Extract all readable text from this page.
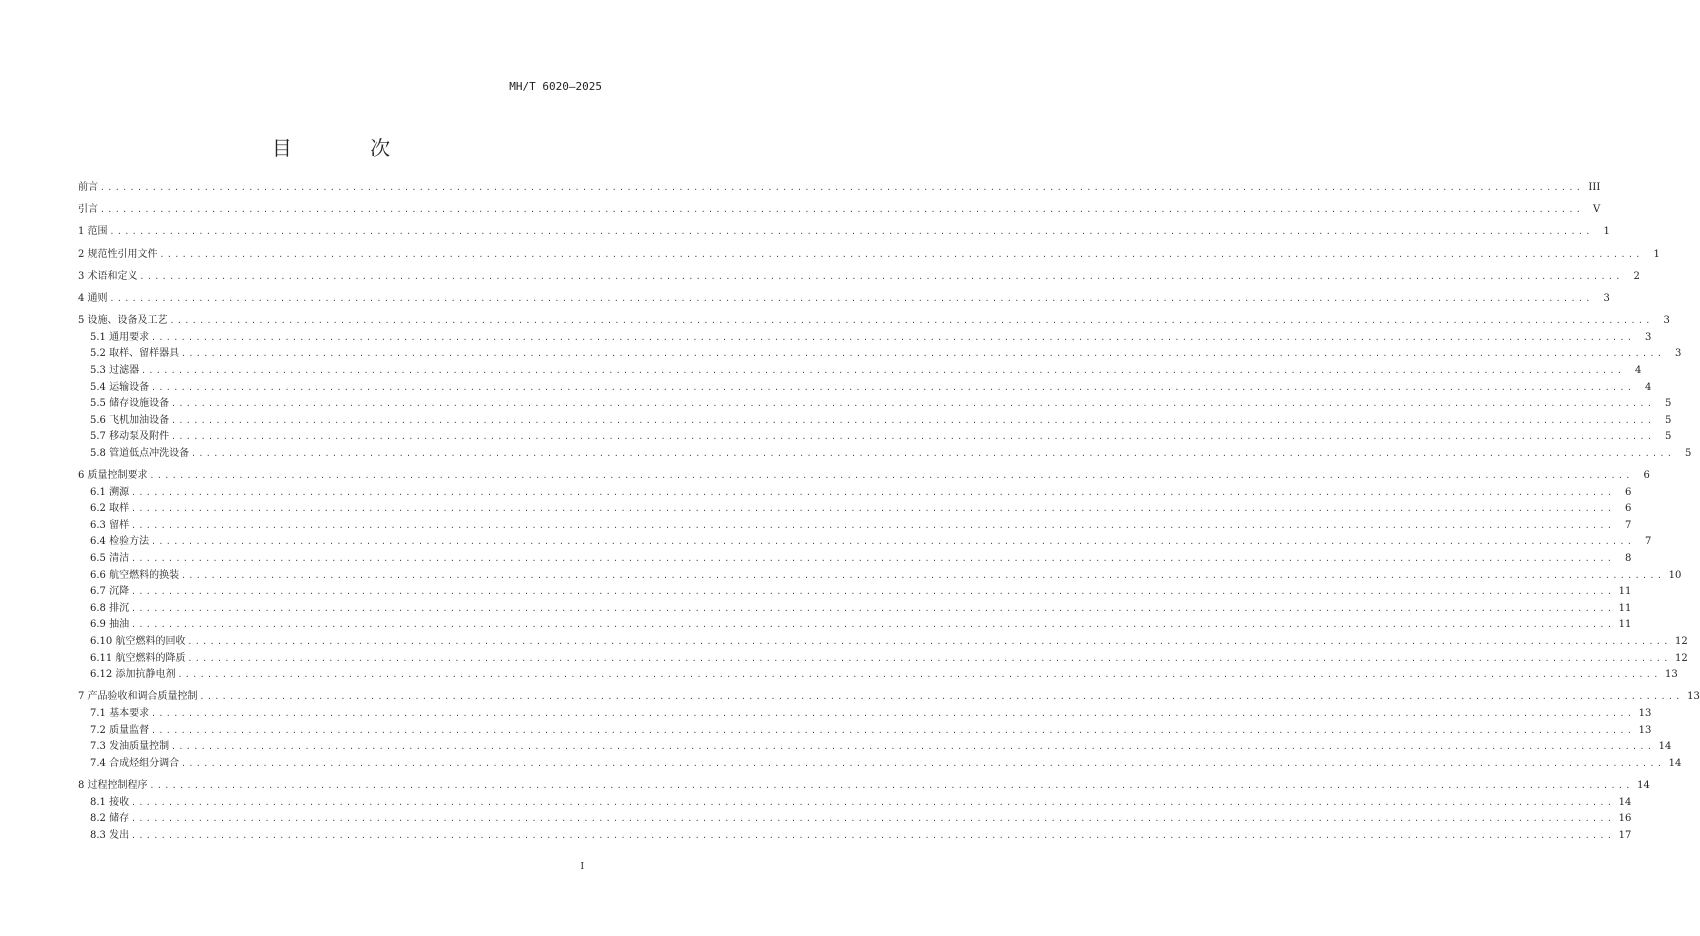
MH/T 6020—2025
目 次
前言 ........................................................................................................................................................................................................ III
引言 ........................................................................................................................................................................................................ V
1 范围 ........................................................................................................................................................................................................	1
2 规范性引用文件 ........................................................................................................................................................................................................	1
3 术语和定义 ........................................................................................................................................................................................................	2
4 通则 ........................................................................................................................................................................................................	3
5 设施、设备及工艺 ........................................................................................................................................................................................................	3
5.1 通用要求 ........................................................................................................................................................................................................	3
5.2 取样、留样器具 ........................................................................................................................................................................................................	3
5.3 过滤器 ........................................................................................................................................................................................................	4
5.4 运输设备 ........................................................................................................................................................................................................	4
5.5 储存设施设备 ........................................................................................................................................................................................................	5
5.6 飞机加油设备 ........................................................................................................................................................................................................	5
5.7 移动泵及附件 ........................................................................................................................................................................................................	5
5.8 管道低点冲洗设备 ........................................................................................................................................................................................................	5
6 质量控制要求 ........................................................................................................................................................................................................	6
6.1 溯源 ........................................................................................................................................................................................................	6
6.2 取样 ........................................................................................................................................................................................................	6
6.3 留样 ........................................................................................................................................................................................................	7
6.4 检验方法 ........................................................................................................................................................................................................	7
6.5 清洁 ........................................................................................................................................................................................................	8
6.6 航空燃料的换装 ........................................................................................................................................................................................................ 10
6.7 沉降 ........................................................................................................................................................................................................ 11
6.8 排沉 ........................................................................................................................................................................................................ 11
6.9 抽油 ........................................................................................................................................................................................................ 11
6.10 航空燃料的回收 ........................................................................................................................................................................................................ 12
6.11 航空燃料的降质 ........................................................................................................................................................................................................ 12
6.12 添加抗静电剂 ........................................................................................................................................................................................................ 13
7 产品验收和调合质量控制 ........................................................................................................................................................................................................ 13
7.1 基本要求 ........................................................................................................................................................................................................ 13
7.2 质量监督 ........................................................................................................................................................................................................ 13
7.3 发油质量控制 ........................................................................................................................................................................................................ 14
7.4 合成烃组分调合 ........................................................................................................................................................................................................ 14
8 过程控制程序 ........................................................................................................................................................................................................ 14
8.1 接收 ........................................................................................................................................................................................................ 14
8.2 储存 ........................................................................................................................................................................................................ 16
8.3 发出 ........................................................................................................................................................................................................ 17
I
